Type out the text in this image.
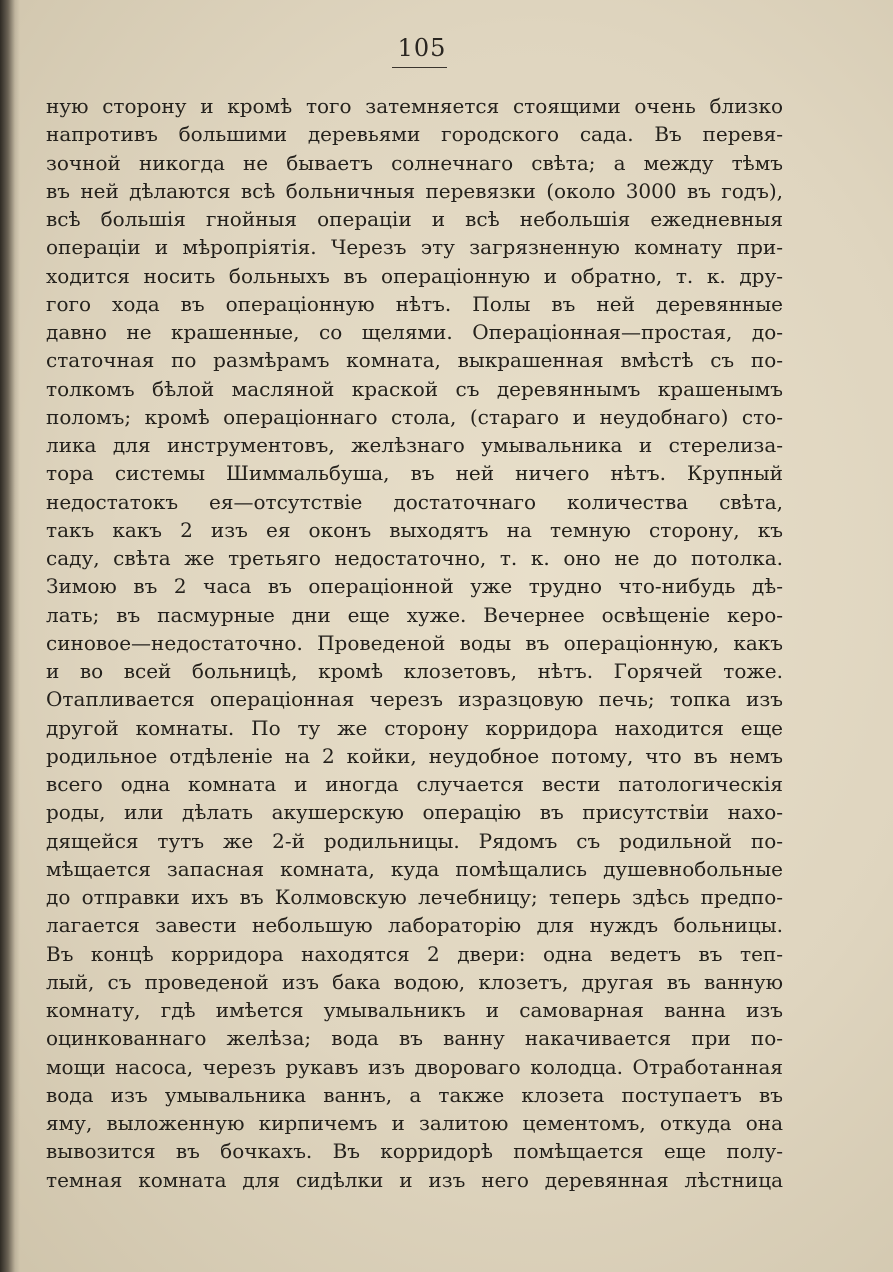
105
ную сторону и кромѣ того затемняется стоящими очень близко
напротивъ большими деревьями городского сада. Въ перевя-
зочной никогда не бываетъ солнечнаго свѣта; а между тѣмъ
въ ней дѣлаются всѣ больничныя перевязки (около 3000 въ годъ),
всѣ большія гнойныя операціи и всѣ небольшія ежедневныя
операціи и мѣропріятія. Черезъ эту загрязненную комнату при-
ходится носить больныхъ въ операціонную и обратно, т. к. дру-
гого хода въ операціонную нѣтъ. Полы въ ней деревянные
давно не крашенные, со щелями. Операціонная—простая, до-
статочная по размѣрамъ комната, выкрашенная вмѣстѣ съ по-
толкомъ бѣлой масляной краской съ деревяннымъ крашенымъ
поломъ; кромѣ операціоннаго стола, (стараго и неудобнаго) сто-
лика для инструментовъ, желѣзнаго умывальника и стерелиза-
тора системы Шиммальбуша, въ ней ничего нѣтъ. Крупный
недостатокъ ея—отсутствіе достаточнаго количества свѣта,
такъ какъ 2 изъ ея оконъ выходятъ на темную сторону, къ
саду, свѣта же третьяго недостаточно, т. к. оно не до потолка.
Зимою въ 2 часа въ операціонной уже трудно что-нибудь дѣ-
лать; въ пасмурные дни еще хуже. Вечернее освѣщеніе керо-
синовое—недостаточно. Проведеной воды въ операціонную, какъ
и во всей больницѣ, кромѣ клозетовъ, нѣтъ. Горячей тоже.
Отапливается операціонная черезъ изразцовую печь; топка изъ
другой комнаты. По ту же сторону корридора находится еще
родильное отдѣленіе на 2 койки, неудобное потому, что въ немъ
всего одна комната и иногда случается вести патологическія
роды, или дѣлать акушерскую операцію въ присутствіи нахо-
дящейся тутъ же 2-й родильницы. Рядомъ съ родильной по-
мѣщается запасная комната, куда помѣщались душевнобольные
до отправки ихъ въ Колмовскую лечебницу; теперь здѣсь предпо-
лагается завести небольшую лабораторію для нуждъ больницы.
Въ концѣ корридора находятся 2 двери: одна ведетъ въ теп-
лый, съ проведеной изъ бака водою, клозетъ, другая въ ванную
комнату, гдѣ имѣется умывальникъ и самоварная ванна изъ
оцинкованнаго желѣза; вода въ ванну накачивается при по-
мощи насоса, черезъ рукавъ изъ двороваго колодца. Отработанная
вода изъ умывальника ваннъ, а также клозета поступаетъ въ
яму, выложенную кирпичемъ и залитою цементомъ, откуда она
вывозится въ бочкахъ. Въ корридорѣ помѣщается еще полу-
темная комната для сидѣлки и изъ него деревянная лѣстница
